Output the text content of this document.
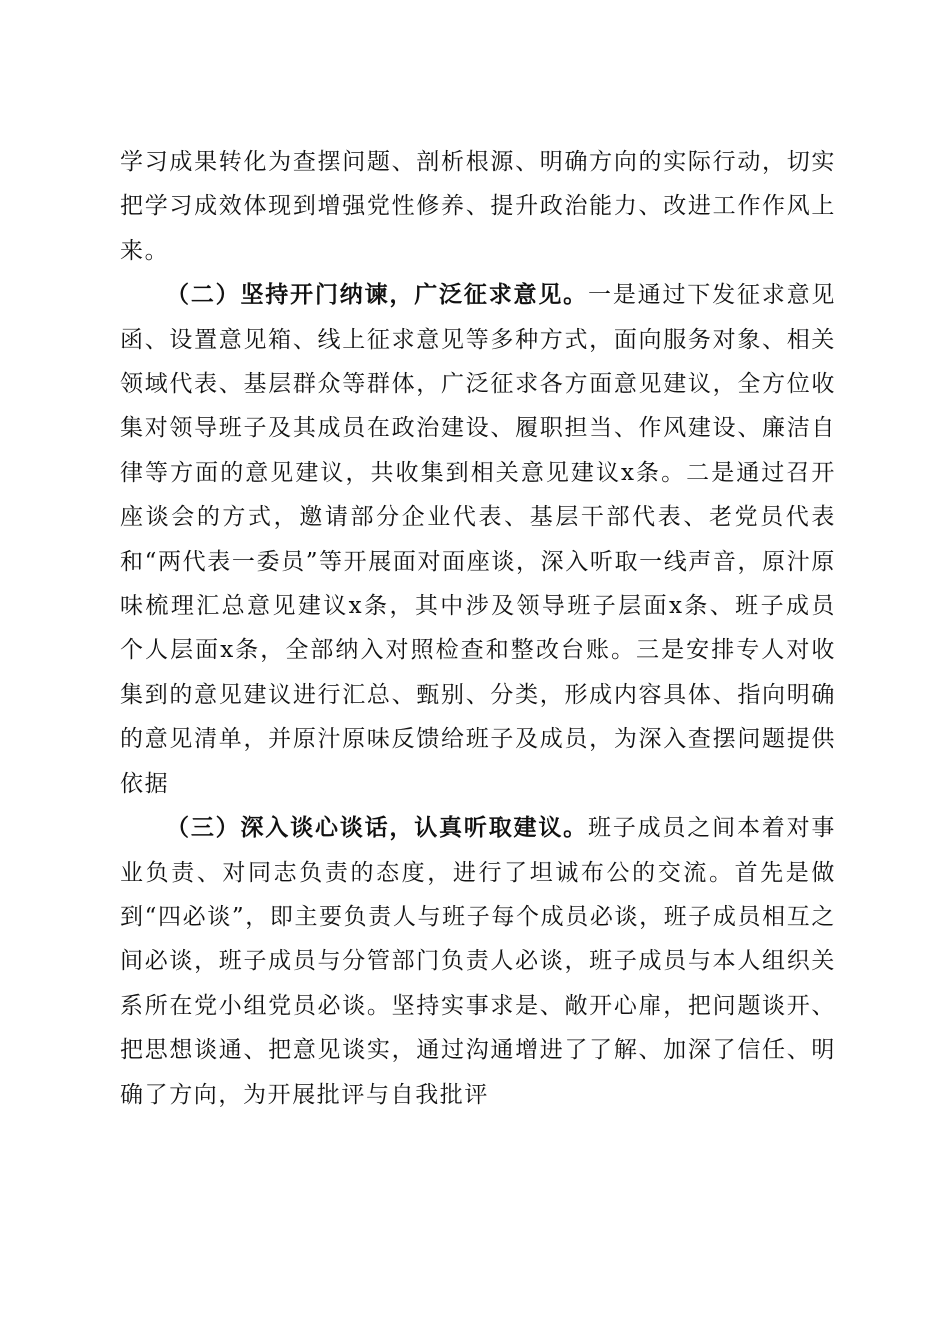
学习成果转化为查摆问题、剖析根源、明确方向的实际行动，切实把学习成效体现到增强党性修养、提升政治能力、改进工作作风上来。

（二）坚持开门纳谏，广泛征求意见。一是通过下发征求意见函、设置意见箱、线上征求意见等多种方式，面向服务对象、相关领域代表、基层群众等群体，广泛征求各方面意见建议，全方位收集对领导班子及其成员在政治建设、履职担当、作风建设、廉洁自律等方面的意见建议，共收集到相关意见建议x条。二是通过召开座谈会的方式，邀请部分企业代表、基层干部代表、老党员代表和“两代表一委员”等开展面对面座谈，深入听取一线声音，原汁原味梳理汇总意见建议x条，其中涉及领导班子层面x条、班子成员个人层面x条，全部纳入对照检查和整改台账。三是安排专人对收集到的意见建议进行汇总、甄别、分类，形成内容具体、指向明确的意见清单，并原汁原味反馈给班子及成员，为深入查摆问题提供依据

（三）深入谈心谈话，认真听取建议。班子成员之间本着对事业负责、对同志负责的态度，进行了坦诚布公的交流。首先是做到“四必谈”，即主要负责人与班子每个成员必谈，班子成员相互之间必谈，班子成员与分管部门负责人必谈，班子成员与本人组织关系所在党小组党员必谈。坚持实事求是、敞开心扉，把问题谈开、把思想谈通、把意见谈实，通过沟通增进了了解、加深了信任、明确了方向，为开展批评与自我批评
